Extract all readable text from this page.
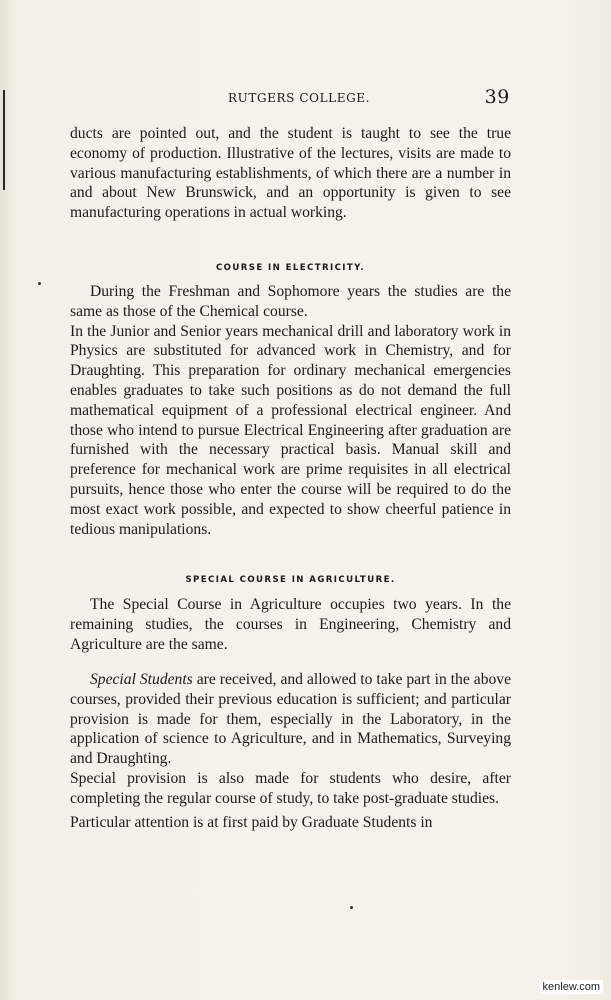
RUTGERS COLLEGE.	39

ducts are pointed out, and the student is taught to see the true economy of production. Illustrative of the lectures, visits are made to various manufacturing establishments, of which there are a number in and about New Brunswick, and an opportunity is given to see manufacturing operations in actual working.

COURSE IN ELECTRICITY.

During the Freshman and Sophomore years the studies are the same as those of the Chemical course.

In the Junior and Senior years mechanical drill and laboratory work in Physics are substituted for advanced work in Chemistry, and for Draughting. This preparation for ordinary mechanical emergencies enables graduates to take such positions as do not demand the full mathematical equipment of a professional electrical engineer. And those who intend to pursue Electrical Engineering after graduation are furnished with the necessary practical basis. Manual skill and preference for mechanical work are prime requisites in all electrical pursuits, hence those who enter the course will be required to do the most exact work possible, and expected to show cheerful patience in tedious manipulations.

SPECIAL COURSE IN AGRICULTURE.

The Special Course in Agriculture occupies two years. In the remaining studies, the courses in Engineering, Chemistry and Agriculture are the same.

Special Students are received, and allowed to take part in the above courses, provided their previous education is sufficient; and particular provision is made for them, especially in the Laboratory, in the application of science to Agriculture, and in Mathematics, Surveying and Draughting.

Special provision is also made for students who desire, after completing the regular course of study, to take post-graduate studies.

Particular attention is at first paid by Graduate Students in

kenlew.com
